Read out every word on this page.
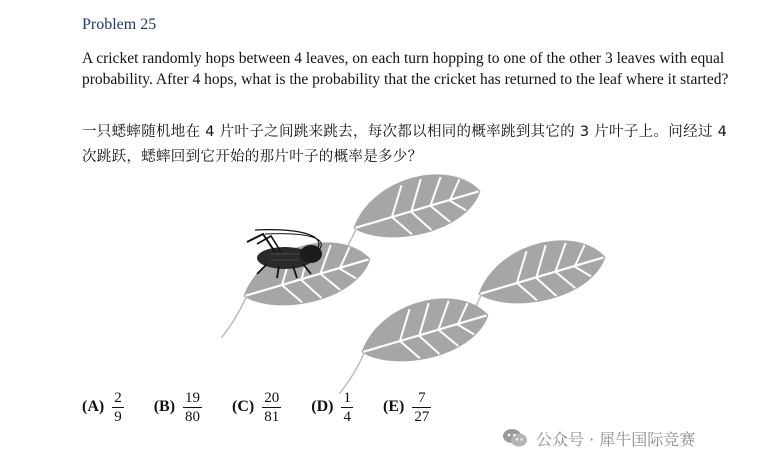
Problem 25
A cricket randomly hops between 4 leaves, on each turn hopping to one of the other 3 leaves with equal probability. After 4 hops, what is the probability that the cricket has returned to the leaf where it started?
一只蟋蟀随机地在 4 片叶子之间跳来跳去，每次都以相同的概率跳到其它的 3 片叶子上。问经过 4 次跳跃，蟋蟀回到它开始的那片叶子的概率是多少？
$(A) \frac{2}{9} (B) \frac{19}{80} (C) \frac{20}{81} (D) \frac{1}{4} (E) \frac{7}{27}$
公众号 · 犀牛国际竞赛
